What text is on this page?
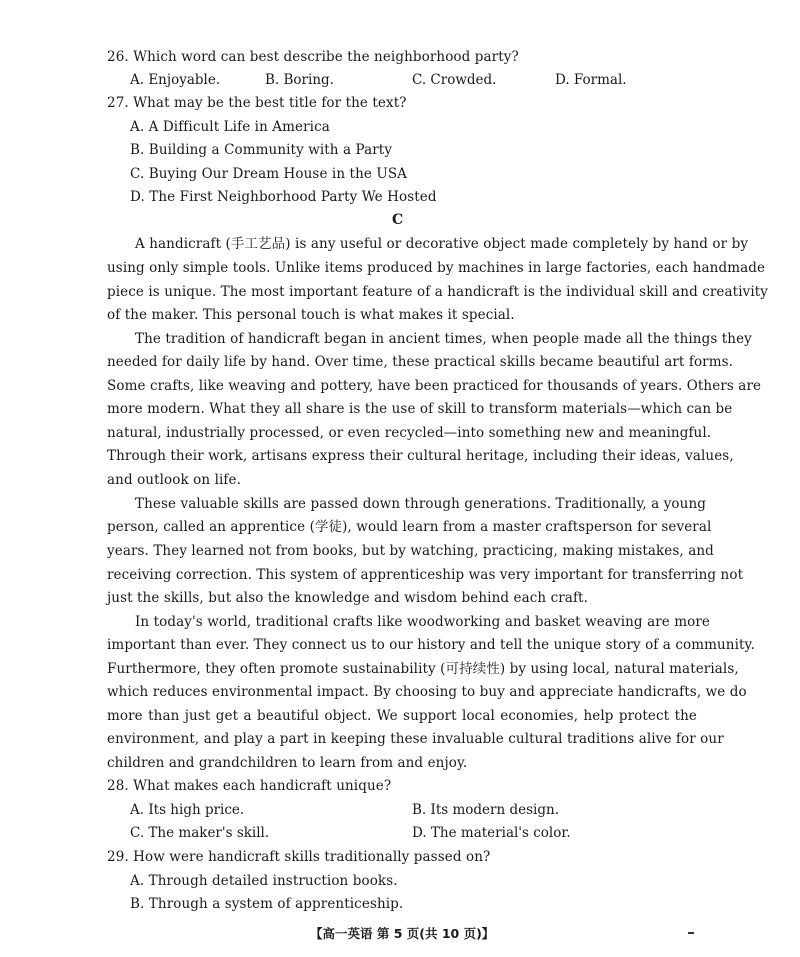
26. Which word can best describe the neighborhood party?
A. Enjoyable.	B. Boring.	C. Crowded.	D. Formal.
27. What may be the best title for the text?
A. A Difficult Life in America
B. Building a Community with a Party
C. Buying Our Dream House in the USA
D. The First Neighborhood Party We Hosted
C
A handicraft (手工艺品) is any useful or decorative object made completely by hand or by
using only simple tools. Unlike items produced by machines in large factories, each handmade
piece is unique. The most important feature of a handicraft is the individual skill and creativity
of the maker. This personal touch is what makes it special.
The tradition of handicraft began in ancient times, when people made all the things they
needed for daily life by hand. Over time, these practical skills became beautiful art forms.
Some crafts, like weaving and pottery, have been practiced for thousands of years. Others are
more modern. What they all share is the use of skill to transform materials—which can be
natural, industrially processed, or even recycled—into something new and meaningful.
Through their work, artisans express their cultural heritage, including their ideas, values,
and outlook on life.
These valuable skills are passed down through generations. Traditionally, a young
person, called an apprentice (学徒), would learn from a master craftsperson for several
years. They learned not from books, but by watching, practicing, making mistakes, and
receiving correction. This system of apprenticeship was very important for transferring not
just the skills, but also the knowledge and wisdom behind each craft.
In today's world, traditional crafts like woodworking and basket weaving are more
important than ever. They connect us to our history and tell the unique story of a community.
Furthermore, they often promote sustainability (可持续性) by using local, natural materials,
which reduces environmental impact. By choosing to buy and appreciate handicrafts, we do
more than just get a beautiful object. We support local economies, help protect the
environment, and play a part in keeping these invaluable cultural traditions alive for our
children and grandchildren to learn from and enjoy.
28. What makes each handicraft unique?
A. Its high price.	B. Its modern design.
C. The maker's skill.	D. The material's color.
29. How were handicraft skills traditionally passed on?
A. Through detailed instruction books.
B. Through a system of apprenticeship.
【高一英语 第 5 页(共 10 页)】
